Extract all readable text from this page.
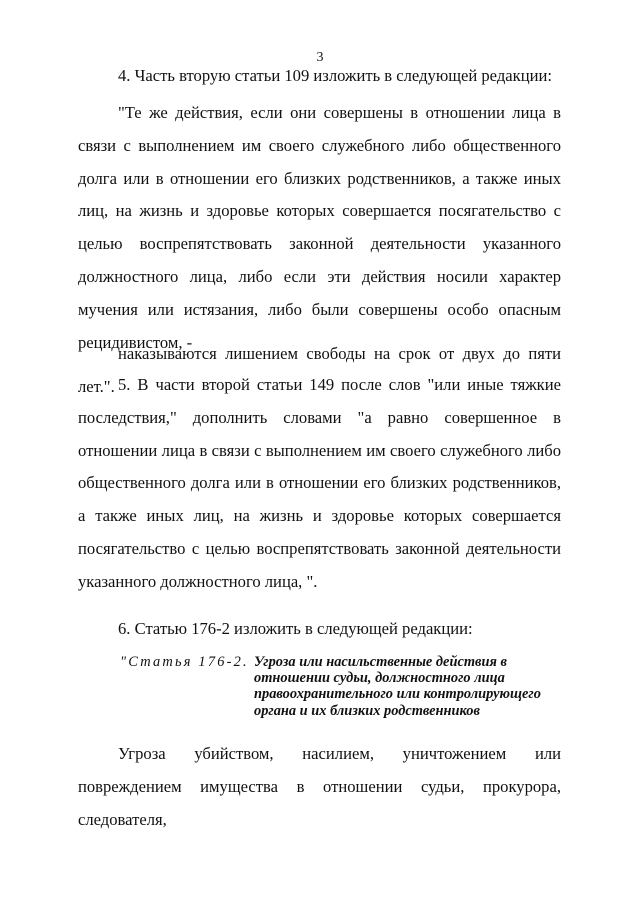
3

4. Часть вторую статьи 109 изложить в следующей редакции:

"Те же действия, если они совершены в отношении лица в связи с выполнением им своего служебного либо общественного долга или в отношении его близких родственников, а также иных лиц, на жизнь и здоровье которых совершается посягательство с целью воспрепятствовать законной деятельности указанного должностного лица, либо если эти действия носили характер мучения или истязания, либо были совершены особо опасным рецидивистом, -

наказываются лишением свободы на срок от двух до пяти лет.". 5. В части второй статьи 149 после слов "или иные тяжкие последствия," дополнить словами "а равно совершенное в отношении лица в связи с выполнением им своего служебного либо общественного долга или в отношении его близких родственников, а также иных лиц, на жизнь и здоровье которых совершается посягательство с целью воспрепятствовать законной деятельности указанного должностного лица, ".

6. Статью 176-2 изложить в следующей редакции:

"Статья 176-2. Угроза или насильственные действия в
отношении судьи, должностного лица
правоохранительного или контролирующего
органа и их близких родственников

Угроза убийством, насилием, уничтожением или повреждением имущества в отношении судьи, прокурора, следователя,
